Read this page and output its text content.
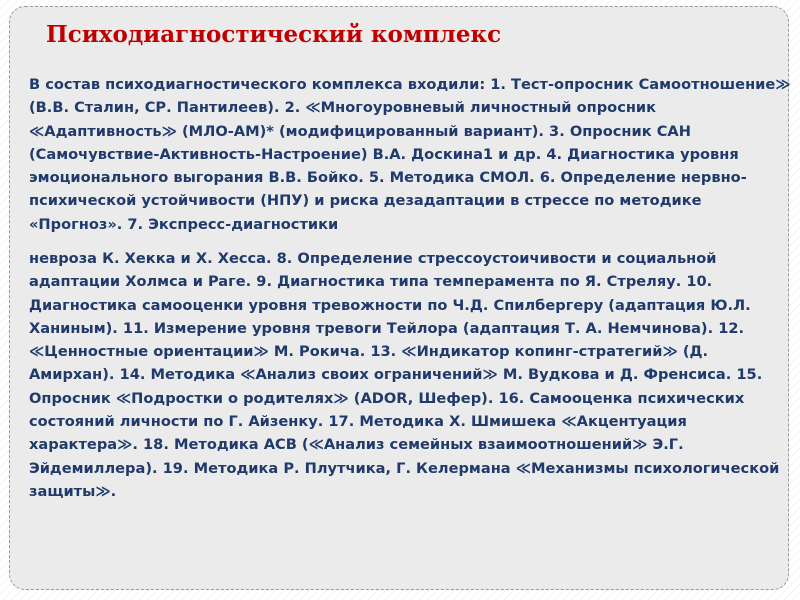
Психодиагностический комплекс

В состав психодиагностического комплекса входили: 1. Тест-опросник Самоотношение≫ (В.В. Сталин, СР. Пантилеев). 2. ≪Многоуровневый личностный опросник ≪Адаптивность≫ (МЛО-АМ)* (модифицированный вариант). 3. Опросник САН (Самочувствие-Активность-Настроение) В.А. Доскина1 и др. 4. Диагностика уровня эмоционального выгорания В.В. Бойко. 5. Методика СМОЛ. 6. Определение нервно-психической устойчивости (НПУ) и риска дезадаптации в стрессе по методике «Прогноз». 7. Экспресс-диагностики

невроза К. Хекка и Х. Хесса. 8. Определение стрессоустоичивости и социальной адаптации Холмса и Paге. 9. Диагностика типа темперамента по Я. Стреляу. 10. Диагностика самооценки уровня тревожности по Ч.Д. Спилбергеру (адаптация Ю.Л. Ханиным). 11. Измерение уровня тревоги Тейлора (адаптация Т. А. Немчинова). 12. ≪Ценностные ориентации≫ М. Рокича. 13. ≪Индикатор копинг-стратегий≫ (Д. Амирхан). 14. Методика ≪Анализ своих ограничений≫ М. Вудкова и Д. Френсиса. 15. Опросник ≪Подростки о родителях≫ (ADOR, Шефер). 16. Самооценка психических состояний личности по Г. Айзенку. 17. Методика Х. Шмишека ≪Акцентуация характера≫. 18. Методика АСВ (≪Анализ семейных взаимоотношений≫ Э.Г. Эйдемиллера). 19. Методика Р. Плутчика, Г. Келермана ≪Механизмы психологической защиты≫.
